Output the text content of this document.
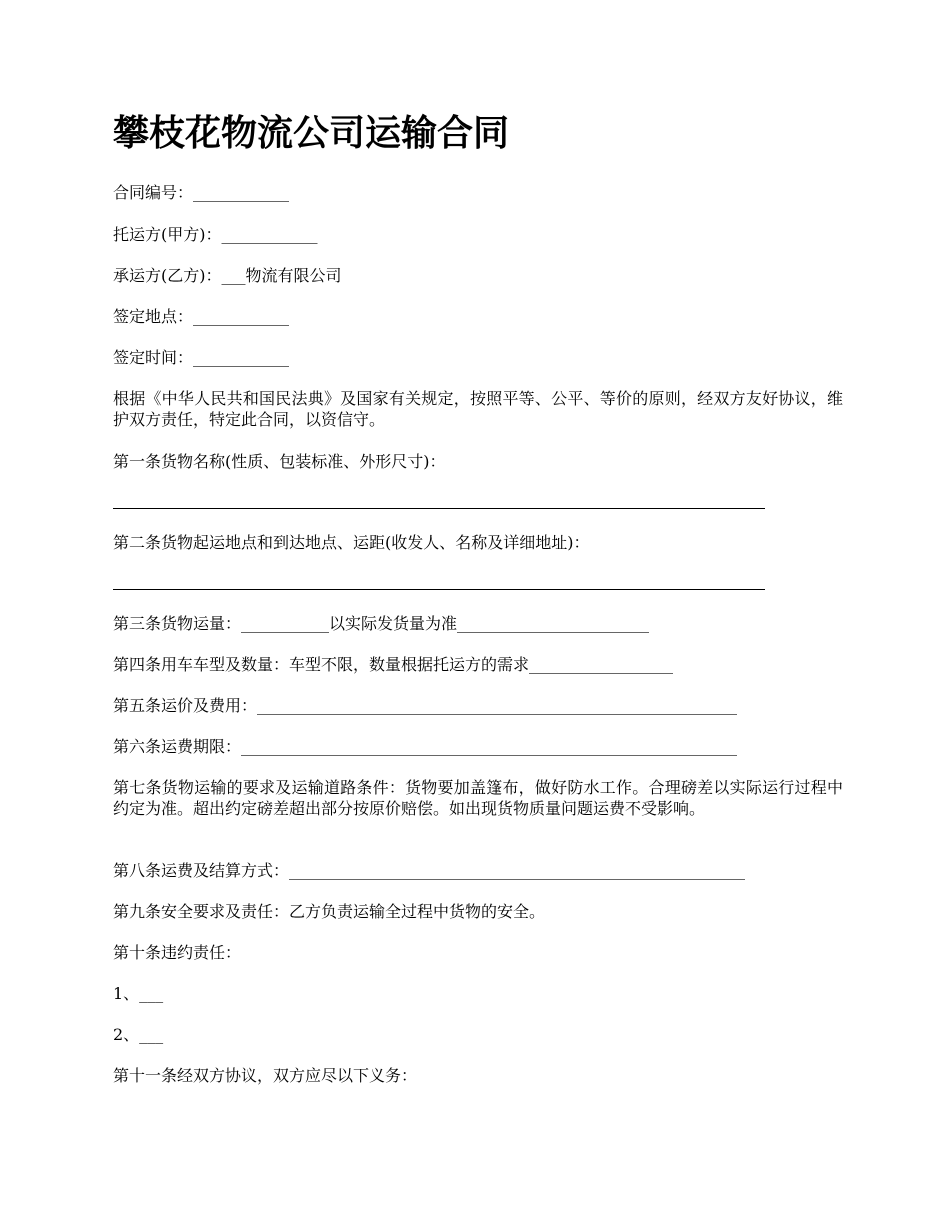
攀枝花物流公司运输合同

合同编号：____________

托运方(甲方)：____________

承运方(乙方)：___物流有限公司

签定地点：____________

签定时间：____________

根据《中华人民共和国民法典》及国家有关规定，按照平等、公平、等价的原则，经双方友好协议，维护双方责任，特定此合同，以资信守。

第一条货物名称(性质、包装标准、外形尺寸)：

第二条货物起运地点和到达地点、运距(收发人、名称及详细地址)：

第三条货物运量：___________以实际发货量为准________________________

第四条用车车型及数量：车型不限，数量根据托运方的需求__________________

第五条运价及费用：____________________________________________________________

第六条运费期限：______________________________________________________________

第七条货物运输的要求及运输道路条件：货物要加盖篷布，做好防水工作。合理磅差以实际运行过程中约定为准。超出约定磅差超出部分按原价赔偿。如出现货物质量问题运费不受影响。

第八条运费及结算方式：_________________________________________________________

第九条安全要求及责任：乙方负责运输全过程中货物的安全。

第十条违约责任：

1、___

2、___

第十一条经双方协议，双方应尽以下义务：
